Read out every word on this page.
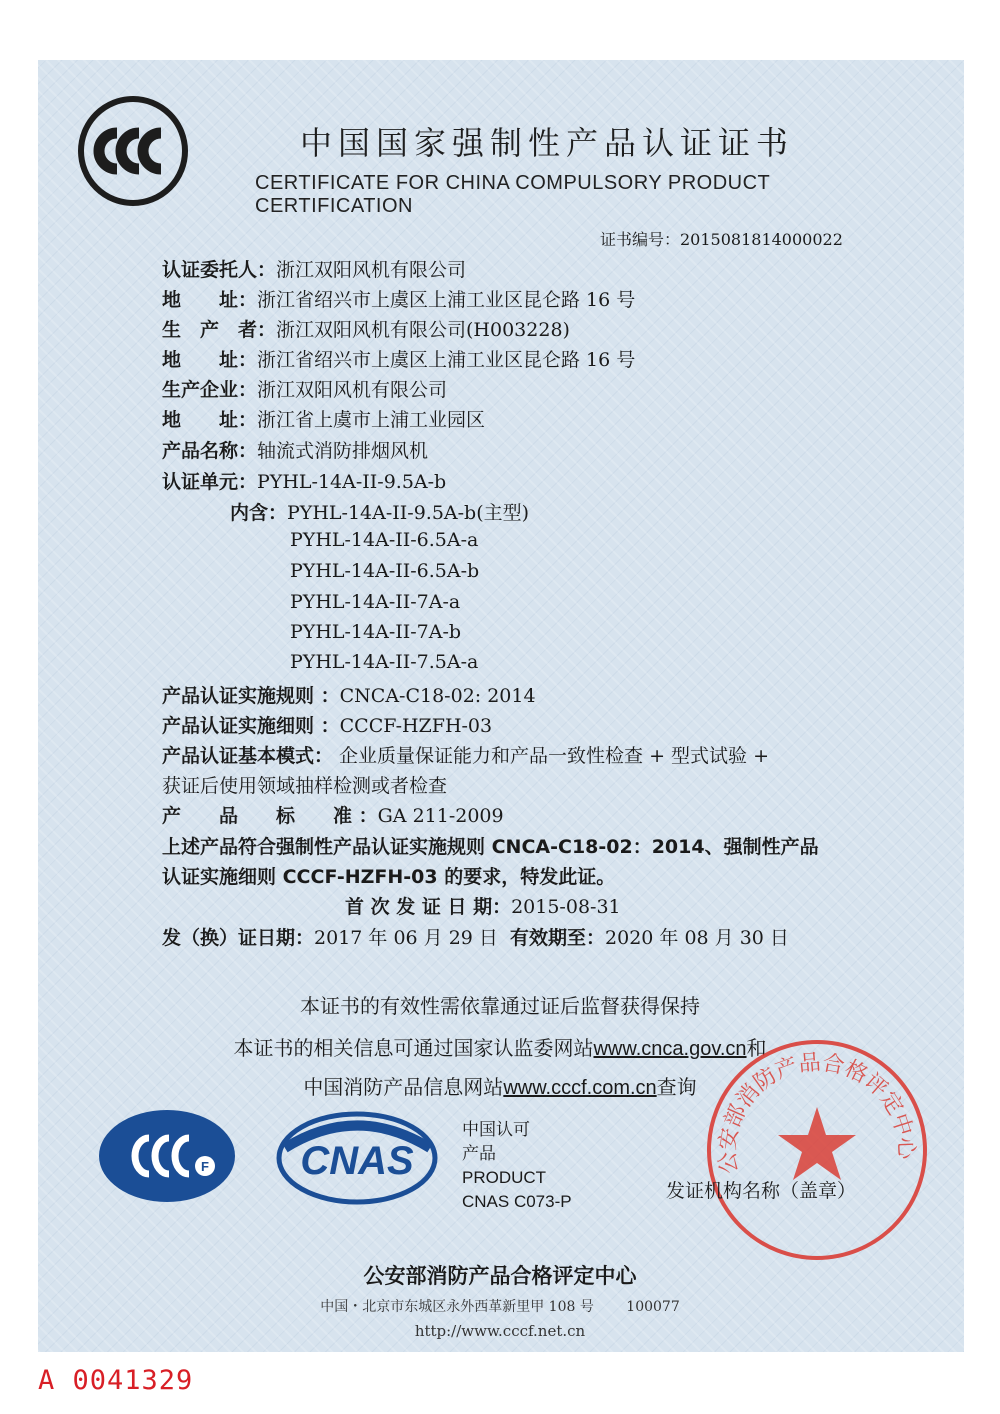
中国国家强制性产品认证证书
CERTIFICATE FOR CHINA COMPULSORY PRODUCT CERTIFICATION
证书编号：2015081814000022
认证委托人：浙江双阳风机有限公司
地　　址：浙江省绍兴市上虞区上浦工业区昆仑路 16 号
生　产　者：浙江双阳风机有限公司(H003228)
地　　址：浙江省绍兴市上虞区上浦工业区昆仑路 16 号
生产企业：浙江双阳风机有限公司
地　　址：浙江省上虞市上浦工业园区
产品名称：轴流式消防排烟风机
认证单元：PYHL-14A-II-9.5A-b
内含：PYHL-14A-II-9.5A-b(主型)
PYHL-14A-II-6.5A-a
PYHL-14A-II-6.5A-b
PYHL-14A-II-7A-a
PYHL-14A-II-7A-b
PYHL-14A-II-7.5A-a
产品认证实施规则 ：CNCA-C18-02: 2014
产品认证实施细则 ：CCCF-HZFH-03
产品认证基本模式： 企业质量保证能力和产品一致性检查 + 型式试验 +
获证后使用领域抽样检测或者检查
产　　品　　标　　准 ：GA 211-2009
上述产品符合强制性产品认证实施规则 CNCA-C18-02：2014、强制性产品
认证实施细则 CCCF-HZFH-03 的要求，特发此证。
首 次 发 证 日 期：2015-08-31
发（换）证日期：2017 年 06 月 29 日 有效期至：2020 年 08 月 30 日
本证书的有效性需依靠通过证后监督获得保持
本证书的相关信息可通过国家认监委网站www.cnca.gov.cn和
中国消防产品信息网站www.cccf.com.cn查询
F CNAS
中国认可
产品
PRODUCT
CNAS C073-P
公安部消防产品合格评定中心
发证机构名称（盖章）
公安部消防产品合格评定中心
中国・北京市东城区永外西革新里甲 108 号　　 100077
http://www.cccf.net.cn
A 0041329
